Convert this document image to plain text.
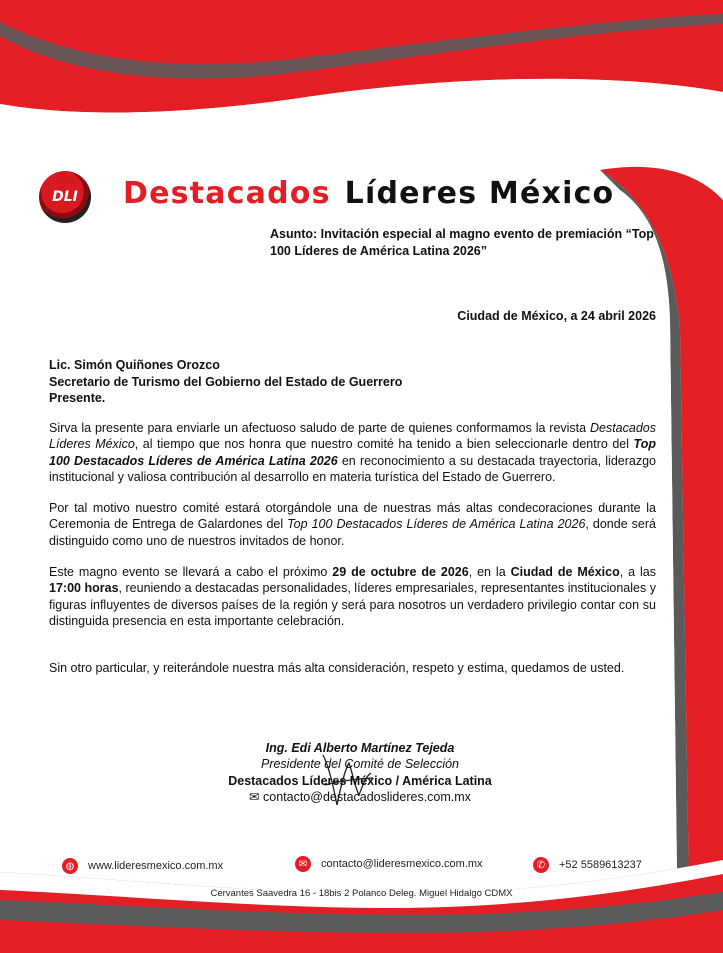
DLI Destacados Líderes México
Asunto: Invitación especial al magno evento de premiación “Top 100 Líderes de América Latina 2026”
Ciudad de México, a 24 abril 2026
Lic. Simón Quiñones Orozco
Secretario de Turismo del Gobierno del Estado de Guerrero
Presente.
Sirva la presente para enviarle un afectuoso saludo de parte de quienes conformamos la revista Destacados Líderes México, al tiempo que nos honra que nuestro comité ha tenido a bien seleccionarle dentro del Top 100 Destacados Líderes de América Latina 2026 en reconocimiento a su destacada trayectoria, liderazgo institucional y valiosa contribución al desarrollo en materia turística del Estado de Guerrero.
Por tal motivo nuestro comité estará otorgándole una de nuestras más altas condecoraciones durante la Ceremonia de Entrega de Galardones del Top 100 Destacados Líderes de América Latina 2026, donde será distinguido como uno de nuestros invitados de honor.
Este magno evento se llevará a cabo el próximo 29 de octubre de 2026, en la Ciudad de México, a las 17:00 horas, reuniendo a destacadas personalidades, líderes empresariales, representantes institucionales y figuras influyentes de diversos países de la región y será para nosotros un verdadero privilegio contar con su distinguida presencia en esta importante celebración.
Sin otro particular, y reiterándole nuestra más alta consideración, respeto y estima, quedamos de usted.
Ing. Edi Alberto Martínez Tejeda
Presidente del Comité de Selección
Destacados Líderes México / América Latina
✉ contacto@destacadoslideres.com.mx
◍	www.lideresmexico.com.mx	✉	contacto@lideresmexico.com.mx	✆	+52 5589613237
Cervantes Saavedra 16 - 18bis 2 Polanco Deleg. Miguel Hidalgo CDMX
